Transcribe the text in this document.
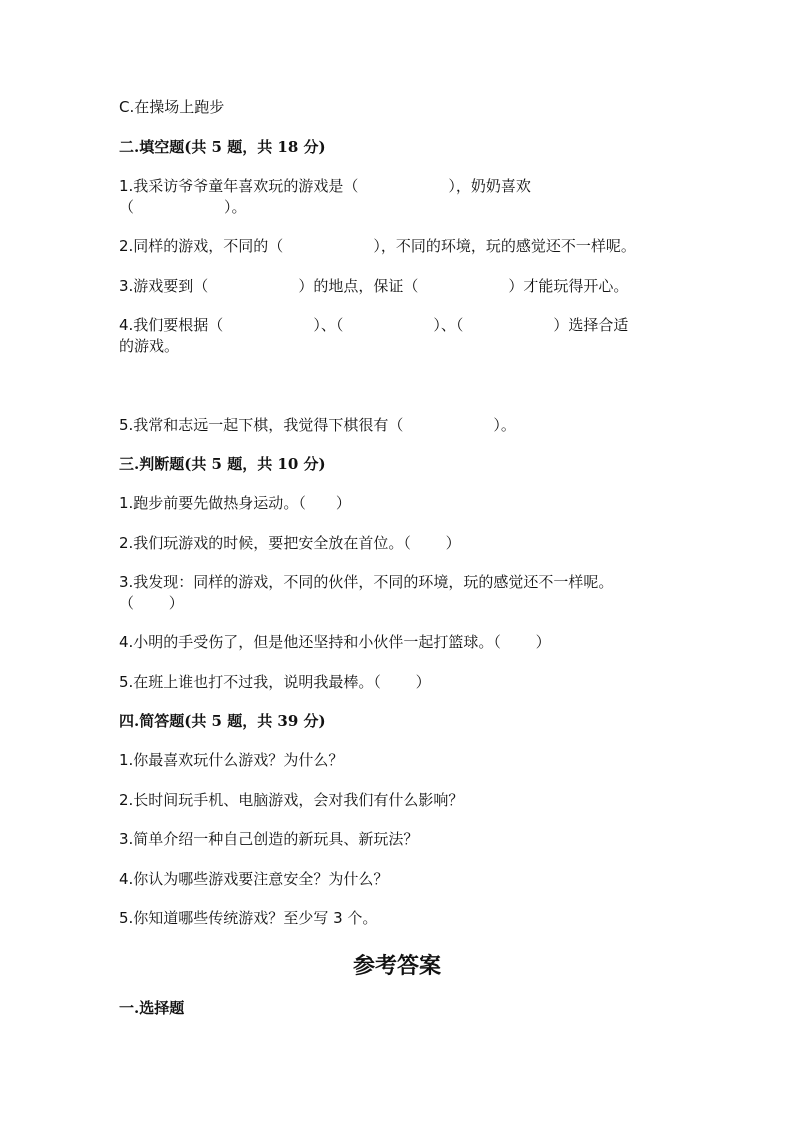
C.在操场上跑步
二.填空题(共 5 题，共 18 分)
1.我采访爷爷童年喜欢玩的游戏是（　　　　　　），奶奶喜欢
（　　　　　　）。
2.同样的游戏，不同的（　　　　　　），不同的环境，玩的感觉还不一样呢。
3.游戏要到（　　　　　　）的地点，保证（　　　　　　）才能玩得开心。
4.我们要根据（　　　　　　）、（　　　　　　）、（　　　　　　）选择合适
的游戏。
5.我常和志远一起下棋，我觉得下棋很有（　　　　　　）。
三.判断题(共 5 题，共 10 分)
1.跑步前要先做热身运动。（　　）
2.我们玩游戏的时候，要把安全放在首位。（　　 ）
3.我发现：同样的游戏，不同的伙伴，不同的环境，玩的感觉还不一样呢。
（　　 ）
4.小明的手受伤了，但是他还坚持和小伙伴一起打篮球。（　　 ）
5.在班上谁也打不过我，说明我最棒。（　　 ）
四.简答题(共 5 题，共 39 分)
1.你最喜欢玩什么游戏？为什么？
2.长时间玩手机、电脑游戏，会对我们有什么影响？
3.简单介绍一种自己创造的新玩具、新玩法？
4.你认为哪些游戏要注意安全？为什么？
5.你知道哪些传统游戏？至少写 3 个。
参考答案
一.选择题
